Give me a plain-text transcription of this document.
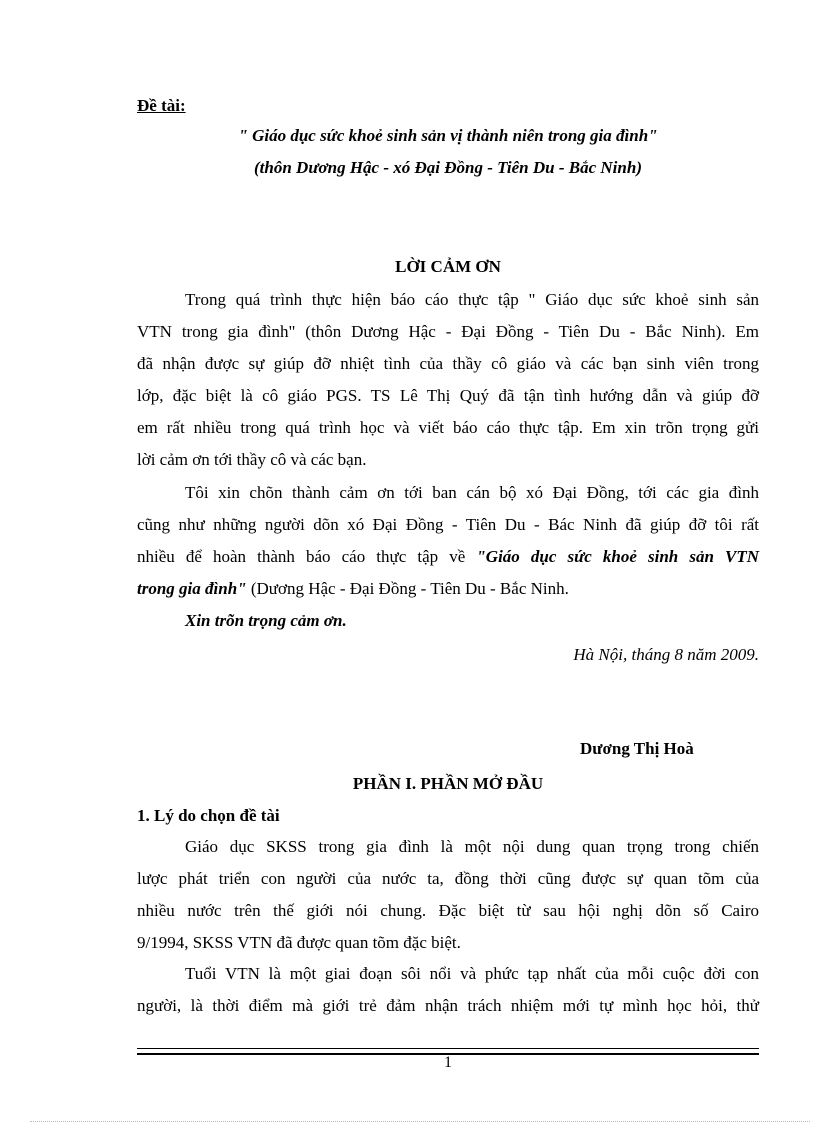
Đề tài:
" Giáo dục sức khoẻ sinh sản vị thành niên trong gia đình"
(thôn Dương Hậc - xó Đại Đồng - Tiên Du - Bắc Ninh)
LỜI CẢM ƠN
Trong quá trình thực hiện báo cáo thực tập " Giáo dục sức khoẻ sinh sản
VTN trong gia đình" (thôn Dương Hậc - Đại Đồng - Tiên Du - Bắc Ninh). Em
đã nhận được sự giúp đỡ nhiệt tình của thầy cô giáo và các bạn sinh viên trong
lớp, đặc biệt là cô giáo PGS. TS Lê Thị Quý đã tận tình hướng dẫn và giúp đỡ
em rất nhiều trong quá trình học và viết báo cáo thực tập. Em xin trõn trọng gửi
lời cảm ơn tới thầy cô và các bạn.
Tôi xin chõn thành cảm ơn tới ban cán bộ xó Đại Đồng, tới các gia đình
cũng như những người dõn xó Đại Đồng - Tiên Du - Bác Ninh đã giúp đỡ tôi rất
nhiều để hoàn thành báo cáo thực tập về "Giáo dục sức khoẻ sinh sản VTN
trong gia đình" (Dương Hậc - Đại Đồng - Tiên Du - Bắc Ninh.
Xin trõn trọng cảm ơn.
Hà Nội, tháng 8 năm 2009.
Dương Thị Hoà
PHẦN I. PHẦN MỞ ĐẦU
1. Lý do chọn đề tài
Giáo dục SKSS trong gia đình là một nội dung quan trọng trong chiến
lược phát triển con người của nước ta, đồng thời cũng được sự quan tõm của
nhiều nước trên thế giới nói chung. Đặc biệt từ sau hội nghị dõn số Cairo
9/1994, SKSS VTN đã được quan tõm đặc biệt.
Tuổi VTN là một giai đoạn sôi nổi và phức tạp nhất của mỗi cuộc đời con
người, là thời điểm mà giới trẻ đảm nhận trách nhiệm mới tự mình học hỏi, thử
1
